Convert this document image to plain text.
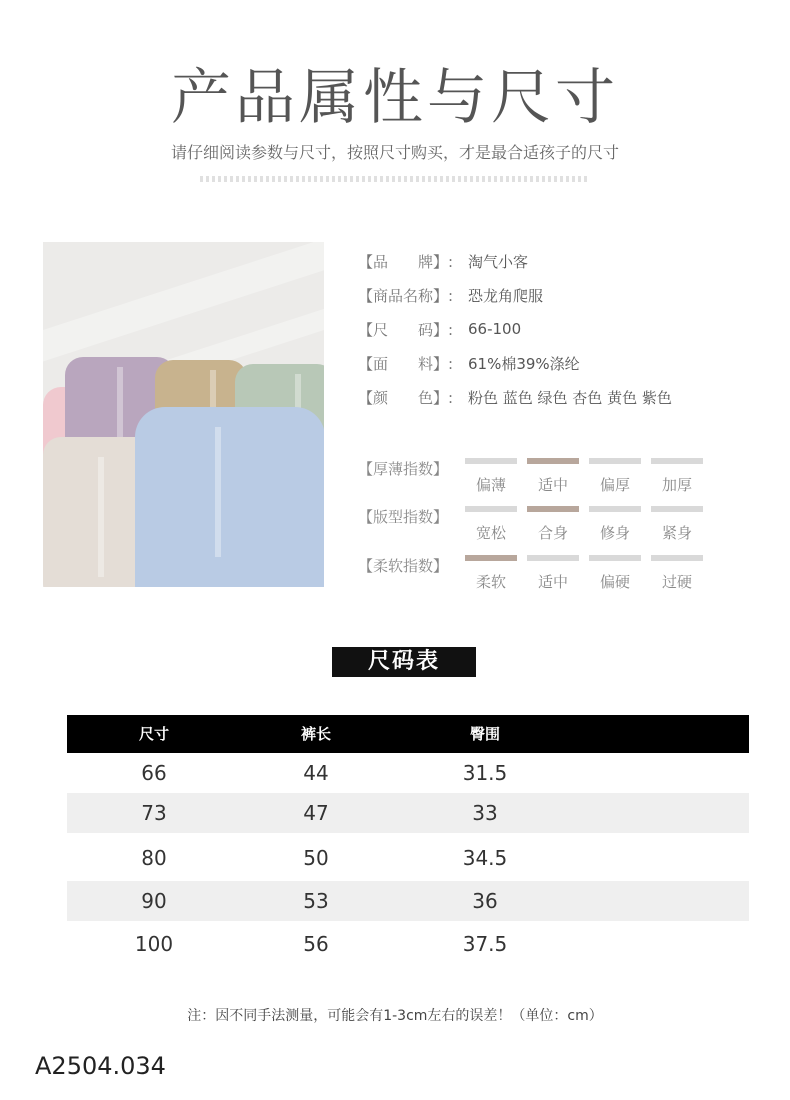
产品属性与尺寸
请仔细阅读参数与尺寸，按照尺寸购买，才是最合适孩子的尺寸
【品　　牌】: 淘气小客
【商品名称】: 恐龙角爬服
【尺　　码】: 66-100
【面　　料】: 61%棉39%涤纶
【颜　　色】: 粉色 蓝色 绿色 杏色 黄色 紫色
【厚薄指数】
偏薄	适中	偏厚	加厚
【版型指数】
宽松	合身	修身	紧身
【柔软指数】
柔软	适中	偏硬	过硬
尺码表
尺寸	裤长	臀围
66	44	31.5
73	47	33
80	50	34.5
90	53	36
100	56	37.5
注：因不同手法测量，可能会有1-3cm左右的误差！（单位：cm）
A2504.034
